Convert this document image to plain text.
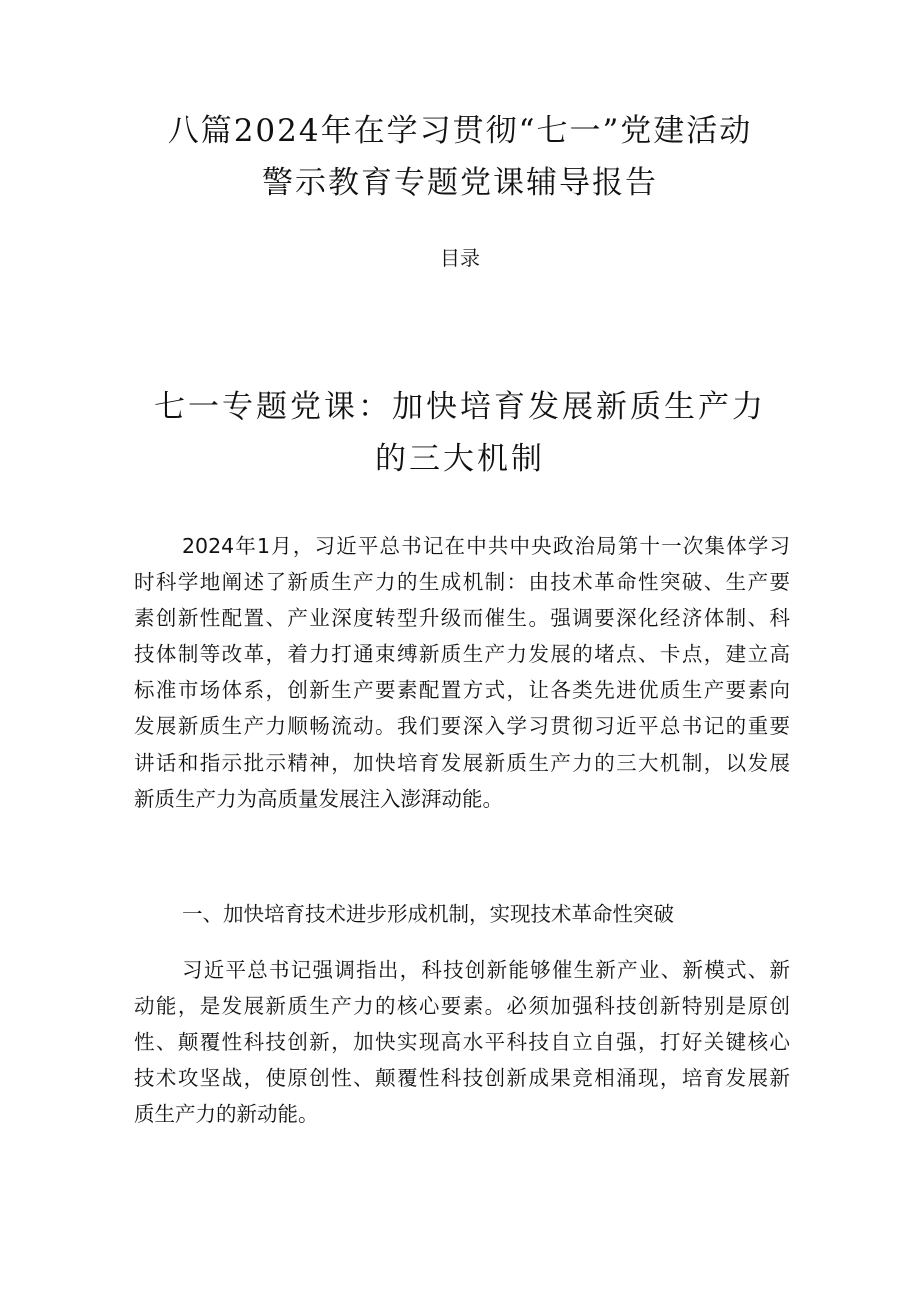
八篇2024年在学习贯彻“七一”党建活动
警示教育专题党课辅导报告
目录
七一专题党课：加快培育发展新质生产力
的三大机制
2024年1月，习近平总书记在中共中央政治局第十一次集体学习
时科学地阐述了新质生产力的生成机制：由技术革命性突破、生产要
素创新性配置、产业深度转型升级而催生。强调要深化经济体制、科
技体制等改革，着力打通束缚新质生产力发展的堵点、卡点，建立高
标准市场体系，创新生产要素配置方式，让各类先进优质生产要素向
发展新质生产力顺畅流动。我们要深入学习贯彻习近平总书记的重要
讲话和指示批示精神，加快培育发展新质生产力的三大机制，以发展
新质生产力为高质量发展注入澎湃动能。
一、加快培育技术进步形成机制，实现技术革命性突破
习近平总书记强调指出，科技创新能够催生新产业、新模式、新
动能，是发展新质生产力的核心要素。必须加强科技创新特别是原创
性、颠覆性科技创新，加快实现高水平科技自立自强，打好关键核心
技术攻坚战，使原创性、颠覆性科技创新成果竞相涌现，培育发展新
质生产力的新动能。
